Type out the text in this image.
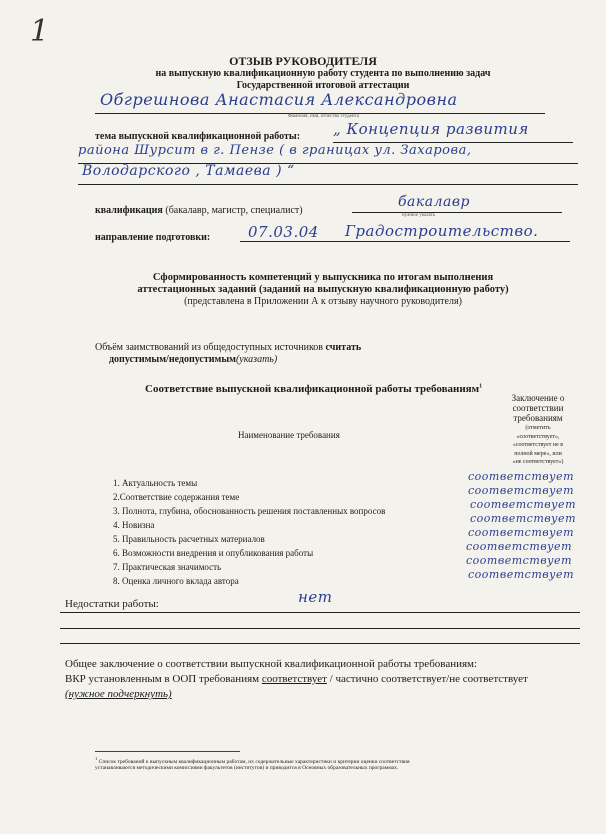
1
ОТЗЫВ РУКОВОДИТЕЛЯ
на выпускную квалификационную работу студента по выполнению задач
Государственной итоговой аттестации
Обгрешнова Анастасия Александровна
Фамилия, имя, отчество студента
тема выпускной квалификационной работы: „ Концепция развития
района Шурсит в г. Пензе ( в границах ул. Захарова,
Володарского , Тамаева ) “
квалификация (бакалавр, магистр, специалист)
бакалавр
нужное указать
направление подготовки:	07.03.04 Градостроительство.
Сформированность компетенций у выпускника по итогам выполнения
аттестационных заданий (заданий на выпускную квалификационную работу)
(представлена в Приложении А к отзыву научного руководителя)
Объём заимствований из общедоступных источников считать
допустимым/недопустимым(указать)
Соответствие выпускной квалификационной работы требованиям$^1$
Заключение о
соответствии
требованиям
(отметить
«соответствует»,
«соответствует не в
полной мере», или
«не соответствует»)
Наименование требования
1. Актуальность темы
2.Соответствие содержания теме
3. Полнота, глубина, обоснованность решения поставленных вопросов
4. Новизна
5. Правильность расчетных материалов
6. Возможности внедрения и опубликования работы
7. Практическая значимость
8. Оценка личного вклада автора
соответствует
соответствует
соответствует
соответствует
соответствует
соответствует
соответствует
соответствует
Недостатки работы:	нет
Общее заключение о соответствии выпускной квалификационной работы требованиям:
ВКР установленным в ООП требованиям соответствует / частично соответствует/не соответствует
(нужное подчеркнуть)
$^1$ Список требований к выпускным квалификационным работам, их содержательные характеристики и критерии оценки соответствия
устанавливаются методическими комиссиями факультетов (институтов) и приводится в Основных образовательных программах.
